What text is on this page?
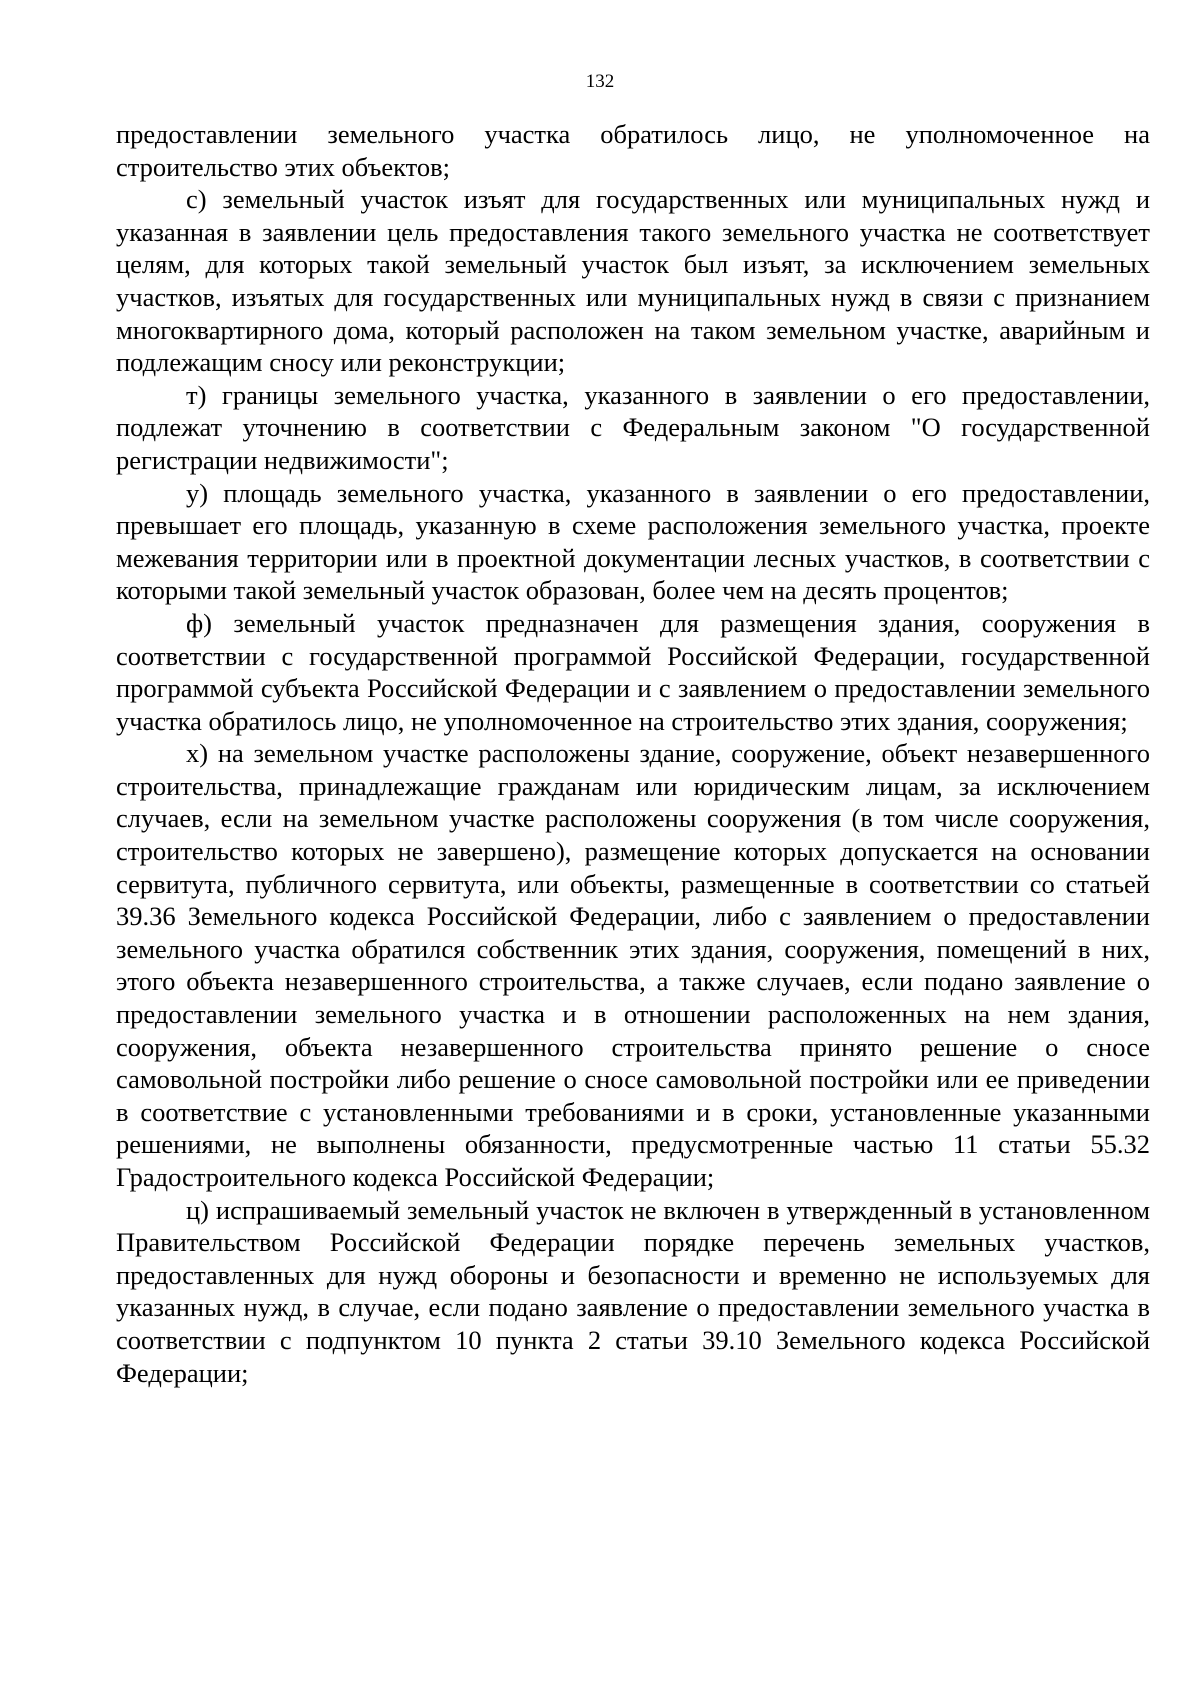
132

предоставлении земельного участка обратилось лицо, не уполномоченное на строительство этих объектов;

с) земельный участок изъят для государственных или муниципальных нужд и указанная в заявлении цель предоставления такого земельного участка не соответствует целям, для которых такой земельный участок был изъят, за исключением земельных участков, изъятых для государственных или муниципальных нужд в связи с признанием многоквартирного дома, который расположен на таком земельном участке, аварийным и подлежащим сносу или реконструкции;

т) границы земельного участка, указанного в заявлении о его предоставлении, подлежат уточнению в соответствии с Федеральным законом "О государственной регистрации недвижимости";

у) площадь земельного участка, указанного в заявлении о его предоставлении, превышает его площадь, указанную в схеме расположения земельного участка, проекте межевания территории или в проектной документации лесных участков, в соответствии с которыми такой земельный участок образован, более чем на десять процентов;

ф) земельный участок предназначен для размещения здания, сооружения в соответствии с государственной программой Российской Федерации, государственной программой субъекта Российской Федерации и с заявлением о предоставлении земельного участка обратилось лицо, не уполномоченное на строительство этих здания, сооружения;

х) на земельном участке расположены здание, сооружение, объект незавершенного строительства, принадлежащие гражданам или юридическим лицам, за исключением случаев, если на земельном участке расположены сооружения (в том числе сооружения, строительство которых не завершено), размещение которых допускается на основании сервитута, публичного сервитута, или объекты, размещенные в соответствии со статьей 39.36 Земельного кодекса Российской Федерации, либо с заявлением о предоставлении земельного участка обратился собственник этих здания, сооружения, помещений в них, этого объекта незавершенного строительства, а также случаев, если подано заявление о предоставлении земельного участка и в отношении расположенных на нем здания, сооружения, объекта незавершенного строительства принято решение о сносе самовольной постройки либо решение о сносе самовольной постройки или ее приведении в соответствие с установленными требованиями и в сроки, установленные указанными решениями, не выполнены обязанности, предусмотренные частью 11 статьи 55.32 Градостроительного кодекса Российской Федерации;

ц) испрашиваемый земельный участок не включен в утвержденный в установленном Правительством Российской Федерации порядке перечень земельных участков, предоставленных для нужд обороны и безопасности и временно не используемых для указанных нужд, в случае, если подано заявление о предоставлении земельного участка в соответствии с подпунктом 10 пункта 2 статьи 39.10 Земельного кодекса Российской Федерации;
